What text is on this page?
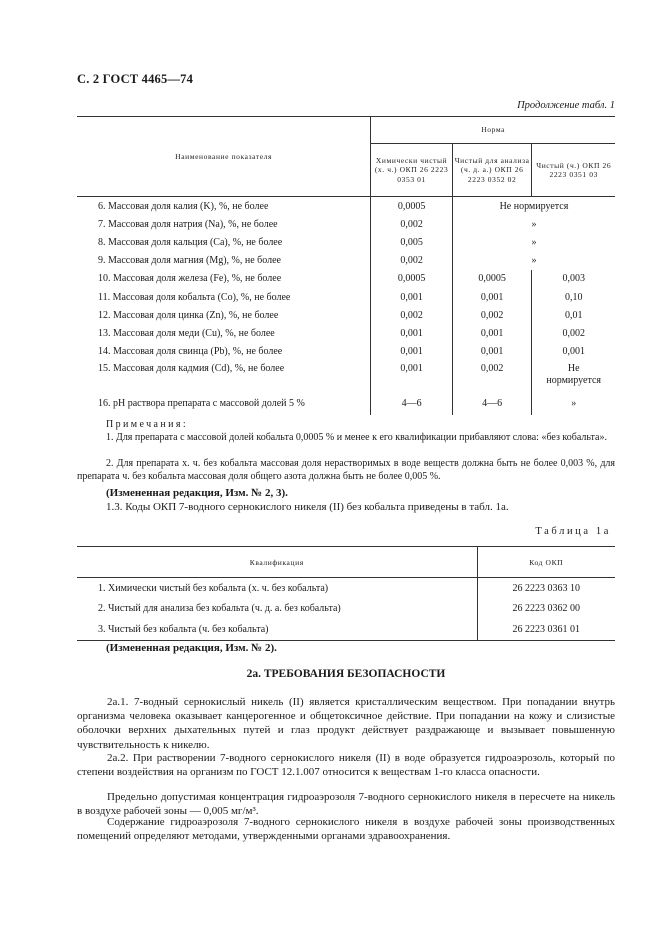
С. 2 ГОСТ 4465—74
Продолжение табл. 1
Наименование показателя	Норма		
	Химически чистый (х. ч.) ОКП 26 2223 0353 01	Чистый для анализа (ч. д. а.) ОКП 26 2223 0352 02	Чистый (ч.) ОКП 26 2223 0351 03
6. Массовая доля калия (K), %, не более	0,0005	Не нормируется	
7. Массовая доля натрия (Na), %, не более	0,002	»	
8. Массовая доля кальция (Ca), %, не более	0,005	»	
9. Массовая доля магния (Mg), %, не более	0,002	»	
10. Массовая доля железа (Fe), %, не более	0,0005	0,0005	0,003
11. Массовая доля кобальта (Co), %, не более	0,001	0,001	0,10
12. Массовая доля цинка (Zn), %, не более	0,002	0,002	0,01
13. Массовая доля меди (Cu), %, не более	0,001	0,001	0,002
14. Массовая доля свинца (Pb), %, не более	0,001	0,001	0,001
15. Массовая доля кадмия (Cd), %, не более	0,001	0,002	Не нормируется
16. pH раствора препарата с массовой долей 5 %	4—6	4—6	»
Примечания:
1. Для препарата с массовой долей кобальта 0,0005 % и менее к его квалификации прибавляют слова: «без кобальта».
2. Для препарата х. ч. без кобальта массовая доля нерастворимых в воде веществ должна быть не более 0,003 %, для препарата ч. без кобальта массовая доля общего азота должна быть не более 0,005 %.
(Измененная редакция, Изм. № 2, 3).
1.3. Коды ОКП 7-водного сернокислого никеля (II) без кобальта приведены в табл. 1а.
Таблица 1а
Квалификация	Код ОКП
1. Химически чистый без кобальта (х. ч. без кобальта)	26 2223 0363 10
2. Чистый для анализа без кобальта (ч. д. а. без кобальта)	26 2223 0362 00
3. Чистый без кобальта (ч. без кобальта)	26 2223 0361 01
(Измененная редакция, Изм. № 2).
2а. ТРЕБОВАНИЯ БЕЗОПАСНОСТИ
2а.1. 7-водный сернокислый никель (II) является кристаллическим веществом. При попадании внутрь организма человека оказывает канцерогенное и общетоксичное действие. При попадании на кожу и слизистые оболочки верхних дыхательных путей и глаз продукт действует раздражающе и вызывает повышенную чувствительность к никелю.
2а.2. При растворении 7-водного сернокислого никеля (II) в воде образуется гидроаэрозоль, который по степени воздействия на организм по ГОСТ 12.1.007 относится к веществам 1-го класса опасности.
Предельно допустимая концентрация гидроаэрозоля 7-водного сернокислого никеля в пересчете на никель в воздухе рабочей зоны — 0,005 мг/м³.
Содержание гидроаэрозоля 7-водного сернокислого никеля в воздухе рабочей зоны производственных помещений определяют методами, утвержденными органами здравоохранения.
